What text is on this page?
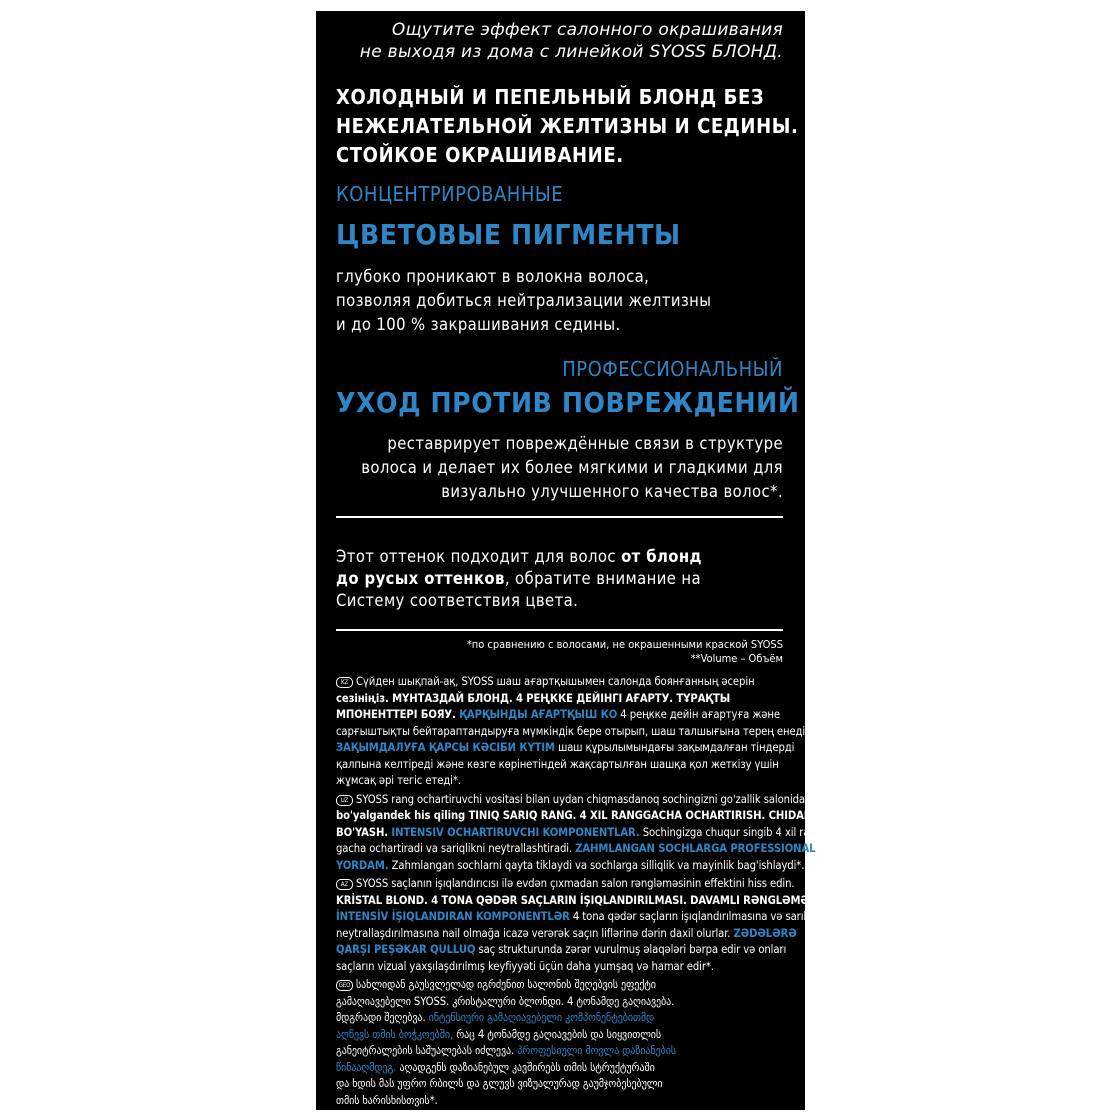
Ощутите эффект салонного окрашивания
не выходя из дома с линейкой SYOSS БЛОНД.
ХОЛОДНЫЙ И ПЕПЕЛЬНЫЙ БЛОНД БЕЗ
НЕЖЕЛАТЕЛЬНОЙ ЖЕЛТИЗНЫ И СЕДИНЫ.
СТОЙКОЕ ОКРАШИВАНИЕ.
КОНЦЕНТРИРОВАННЫЕ
ЦВЕТОВЫЕ ПИГМЕНТЫ
глубоко проникают в волокна волоса,
позволяя добиться нейтрализации желтизны
и до 100 % закрашивания седины.
ПРОФЕССИОНАЛЬНЫЙ
УХОД ПРОТИВ ПОВРЕЖДЕНИЙ
реставрирует повреждённые связи в структуре
волоса и делает их более мягкими и гладкими для
визуально улучшенного качества волос*.
Этот оттенок подходит для волос от блонд
до русых оттенков, обратите внимание на
Систему соответствия цвета.
*по сравнению с волосами, не окрашенными краской SYOSS
**Volume – Объём
KZ Сүйден шықпай-ақ, SYOSS шаш ағартқышымен салонда боянғанның әсерін
сезініңіз. МҰНТАЗДАЙ БЛОНД. 4 РЕҢККЕ ДЕЙІНГІ АҒАРТУ. ТҰРАҚТЫ
МПОНЕНТТЕРІ БОЯУ. ҚАРҚЫНДЫ АҒАРТҚЫШ КО 4 реңкке дейін ағартуға және
сарғыштықты бейтараптандыруға мүмкіндік бере отырып, шаш талшығына терең енеді.
ЗАҚЫМДАЛУҒА ҚАРСЫ КӘСІБИ КҮТІМ шаш құрылымындағы зақымдалған тіндерді
қалпына келтіреді және көзге көрінетіндей жақсартылған шашқа қол жеткізу үшін
жұмсақ әрі тегіс етеді*.
UZ SYOSS rang ochartiruvchi vositasi bilan uydan chiqmasdanoq sochingizni go'zallik salonida
bo'yalgandek his qiling TINIQ SARIQ RANG. 4 XIL RANGGACHA OCHARTIRISH. CHIDAMLI
BO'YASH. INTENSIV OCHARTIRUVCHI KOMPONENTLAR. Sochingizga chuqur singib 4 xil rang-
gacha ochartiradi va sariqlikni neytrallashtiradi. ZAHMLANGAN SOCHLARGA PROFESSIONAL
YORDAM. Zahmlangan sochlarni qayta tiklaydi va sochlarga silliqlik va mayinlik bag'ishlaydi*.
AZ SYOSS saçlanın işıqlandırıcısı ilə evdən çıxmadan salon rəngləməsinin effektini hiss edin.
KRİSTAL BLOND. 4 TONA QƏDƏR SAÇLARIN İŞIQLANDIRILMASI. DAVAMLI RƏNGLƏMƏ.
İNTENSİV İŞIQLANDIRAN KOMPONENTLƏR 4 tona qədər saçların işıqlandırılmasına və sarılığın
neytrallaşdırılmasına nail olmağa icazə verərək saçın liflərinə dərin daxil olurlar. ZƏDƏLƏRƏ
QARŞI PEŞƏKAR QULLUQ saç strukturunda zərər vurulmuş əlaqələri bərpa edir və onları
saçların vizual yaxşılaşdırılmış keyfiyyəti üçün daha yumşaq və hamar edir*.
GEO სახლიდან გაუსვლელად იგრძენით სალონის შეღებვის ეფექტი
გამაღიავებელი SYOSS. კრისტალური ბლონდი. 4 ტონამდე გაღიავება.
მდგრადი შეღებვა. ინტენსიური გამაღიავებელი კომპონენტებითმდ
აღწევს თმის ბოჭკოებში, რაც 4 ტონამდე გაღიავების და სიყვითლის
განეიტრალების საშუალებას იძლევა. პროფესიული მოვლა დაზიანების
წინააღმდეგ. აღადგენს დაზიანებულ კავშირებს თმის სტრუქტურაში
და ხდის მას უფრო რბილს და გლუვს ვიზუალურად გაუმჯობესებული
თმის ხარისხისთვის*.
